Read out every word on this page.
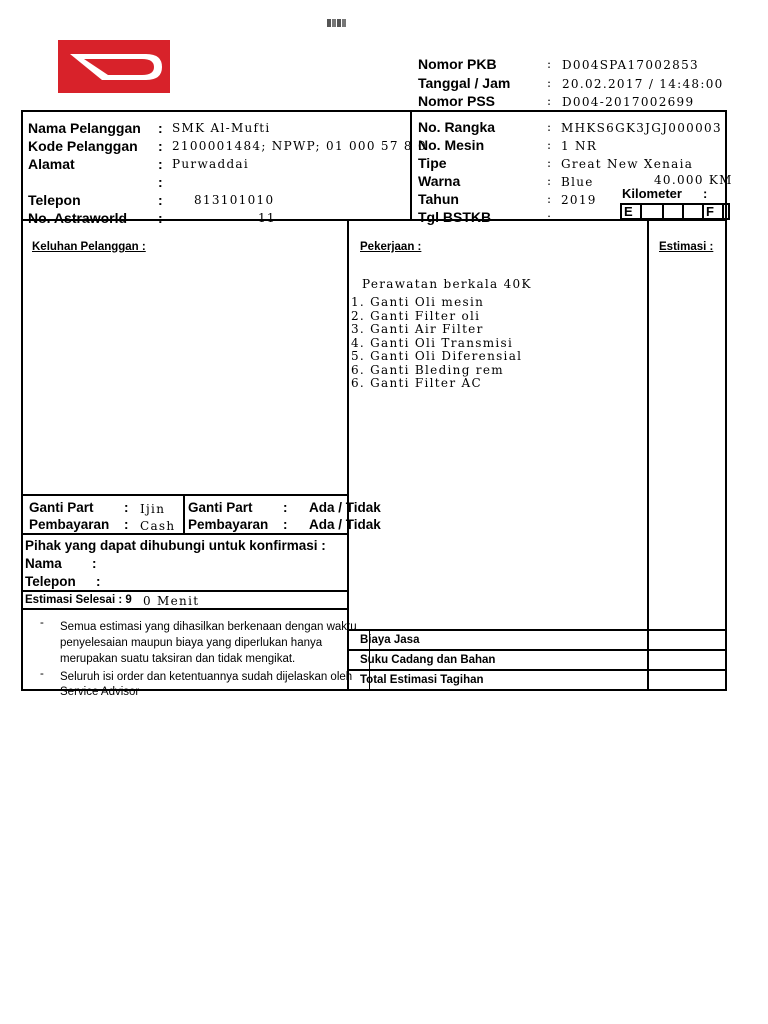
Nomor PKB	: D004SPA17002853
Tanggal / Jam	: 20.02.2017 / 14:48:00
Nomor PSS	: D004-2017002699
Nama Pelanggan : SMK Al-Mufti
Kode Pelanggan : 2100001484; NPWP; 01 000 57 8 0
Alamat	: Purwaddai
:
Telepon	:	813101010
No. Astraworld :	11
No. Rangka	: MHKS6GK3JGJ000003
No. Mesin	: 1 NR
Tipe	: Great New Xenaia
Warna	: Blue	40.000 KM
Tahun	: 2019
Tgl BSTKB	:
Kilometer :
E	F
Keluhan Pelanggan :	Pekerjaan :	Estimasi :
Perawatan berkala 40K
1. Ganti Oli mesin
2. Ganti Filter oli
3. Ganti Air Filter
4. Ganti Oli Transmisi
5. Ganti Oli Diferensial
6. Ganti Bleding rem
6. Ganti Filter AC
Ganti Part : Ijin
Pembayaran : Cash
Ganti Part : Ada / Tidak
Pembayaran : Ada / Tidak
Pihak yang dapat dihubungi untuk konfirmasi :
Nama :
Telepon :
Estimasi Selesai : 9 0 Menit
- Semua estimasi yang dihasilkan berkenaan dengan waktu
penyelesaian maupun biaya yang diperlukan hanya
merupakan suatu taksiran dan tidak mengikat.
- Seluruh isi order dan ketentuannya sudah dijelaskan oleh
Service Advisor
Biaya Jasa
Suku Cadang dan Bahan
Total Estimasi Tagihan
